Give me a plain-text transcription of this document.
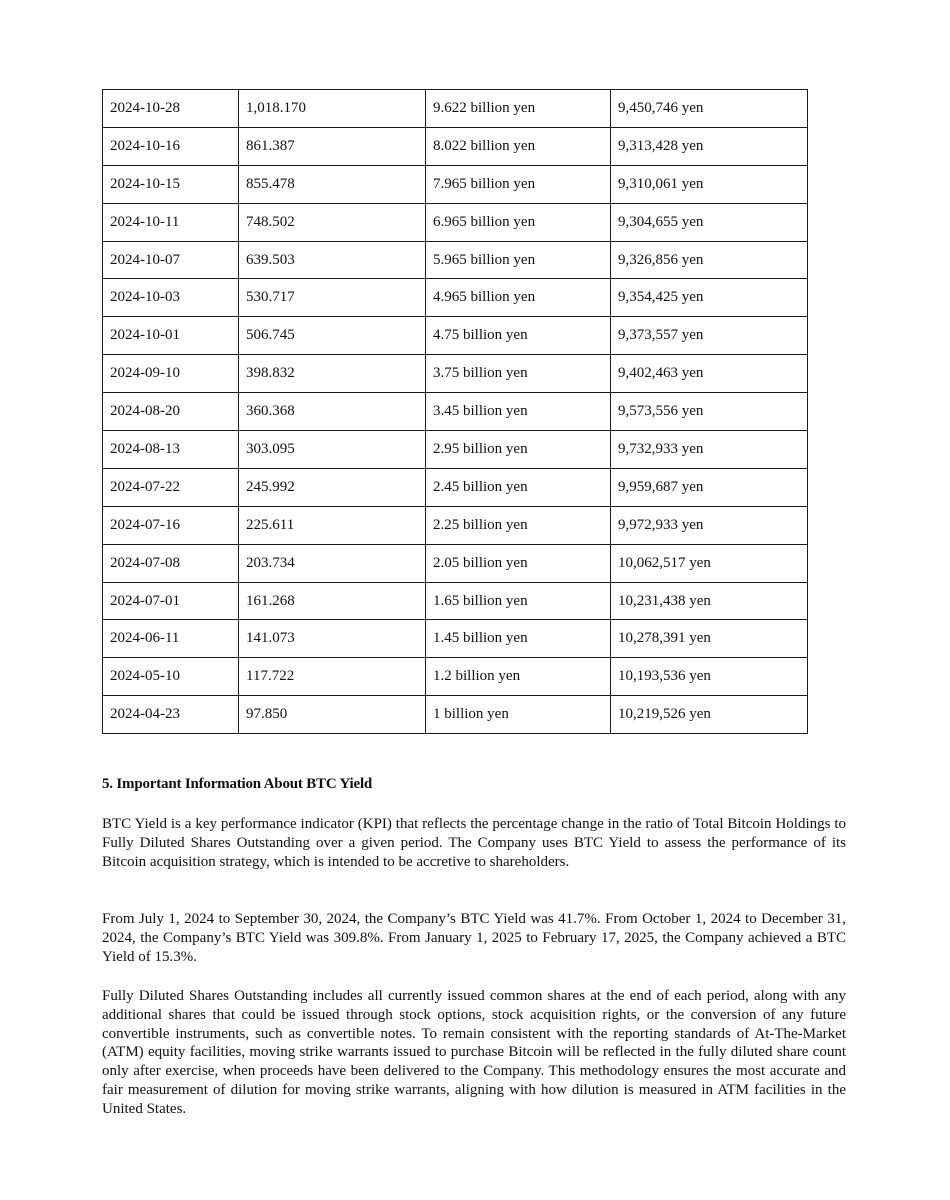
2024-10-28	1,018.170	9.622 billion yen	9,450,746 yen
2024-10-16	861.387	8.022 billion yen	9,313,428 yen
2024-10-15	855.478	7.965 billion yen	9,310,061 yen
2024-10-11	748.502	6.965 billion yen	9,304,655 yen
2024-10-07	639.503	5.965 billion yen	9,326,856 yen
2024-10-03	530.717	4.965 billion yen	9,354,425 yen
2024-10-01	506.745	4.75 billion yen	9,373,557 yen
2024-09-10	398.832	3.75 billion yen	9,402,463 yen
2024-08-20	360.368	3.45 billion yen	9,573,556 yen
2024-08-13	303.095	2.95 billion yen	9,732,933 yen
2024-07-22	245.992	2.45 billion yen	9,959,687 yen
2024-07-16	225.611	2.25 billion yen	9,972,933 yen
2024-07-08	203.734	2.05 billion yen	10,062,517 yen
2024-07-01	161.268	1.65 billion yen	10,231,438 yen
2024-06-11	141.073	1.45 billion yen	10,278,391 yen
2024-05-10	117.722	1.2 billion yen	10,193,536 yen
2024-04-23	97.850	1 billion yen	10,219,526 yen
5. Important Information About BTC Yield

BTC Yield is a key performance indicator (KPI) that reflects the percentage change in the ratio of Total Bitcoin Holdings to Fully Diluted Shares Outstanding over a given period. The Company uses BTC Yield to assess the performance of its Bitcoin acquisition strategy, which is intended to be accretive to shareholders.

From July 1, 2024 to September 30, 2024, the Company’s BTC Yield was 41.7%. From October 1, 2024 to December 31, 2024, the Company’s BTC Yield was 309.8%. From January 1, 2025 to February 17, 2025, the Company achieved a BTC Yield of 15.3%.

Fully Diluted Shares Outstanding includes all currently issued common shares at the end of each period, along with any additional shares that could be issued through stock options, stock acquisition rights, or the conversion of any future convertible instruments, such as convertible notes. To remain consistent with the reporting standards of At-The-Market (ATM) equity facilities, moving strike warrants issued to purchase Bitcoin will be reflected in the fully diluted share count only after exercise, when proceeds have been delivered to the Company. This methodology ensures the most accurate and fair measurement of dilution for moving strike warrants, aligning with how dilution is measured in ATM facilities in the United States.
